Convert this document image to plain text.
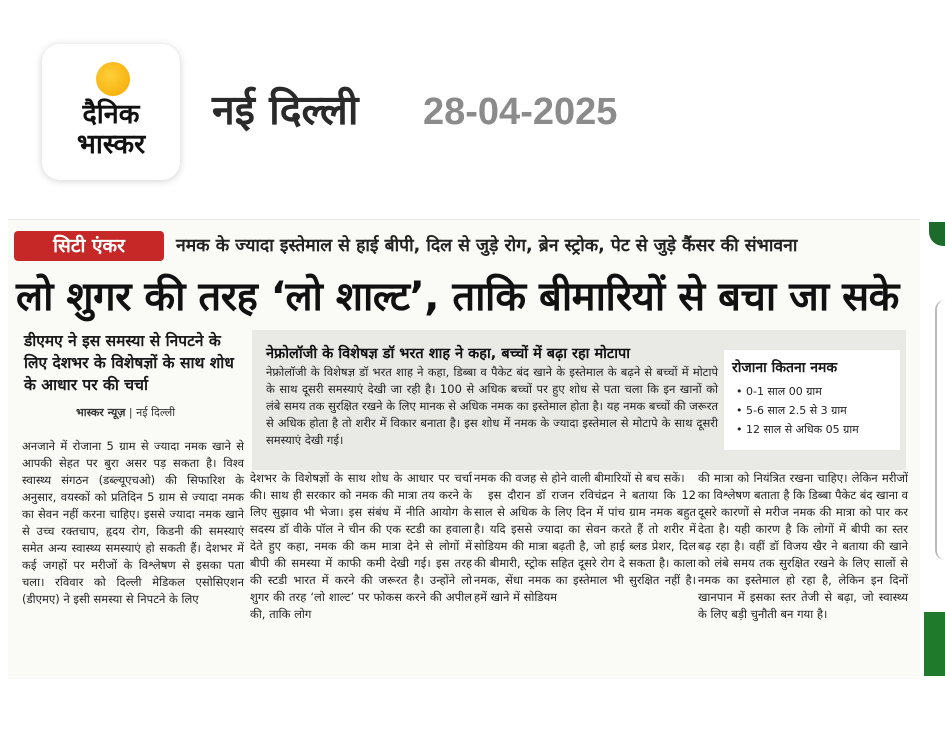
दैनिक
भास्कर
नई दिल्ली 28-04-2025
सिटी एंकर	नमक के ज्यादा इस्तेमाल से हाई बीपी, दिल से जुड़े रोग, ब्रेन स्ट्रोक, पेट से जुड़े कैंसर की संभावना
लो शुगर की तरह ‘लो शाल्ट’, ताकि बीमारियों से बचा जा सके
डीएमए ने इस समस्या से निपटने के लिए देशभर के विशेषज्ञों के साथ शोध के आधार पर की चर्चा
भास्कर न्यूज़ | नई दिल्ली
नेफ्रोलॉजी के विशेषज्ञ डॉ भरत शाह ने कहा, बच्चों में बढ़ा रहा मोटापा
नेफ्रोलॉजी के विशेषज्ञ डॉ भरत शाह ने कहा, डिब्बा व पैकेट बंद खाने के इस्तेमाल के बढ़ने से बच्चों में मोटापे के साथ दूसरी समस्याएं देखी जा रही है। 100 से अधिक बच्चों पर हुए शोध से पता चला कि इन खानों को लंबे समय तक सुरक्षित रखने के लिए मानक से अधिक नमक का इस्तेमाल होता है। यह नमक बच्चों की जरूरत से अधिक होता है तो शरीर में विकार बनाता है। इस शोध में नमक के ज्यादा इस्तेमाल से मोटापे के साथ दूसरी समस्याएं देखी गई।
रोजाना कितना नमक
• 0-1 साल 00 ग्राम
• 5-6 साल 2.5 से 3 ग्राम
• 12 साल से अधिक 05 ग्राम

अनजाने में रोजाना 5 ग्राम से ज्यादा नमक खाने से आपकी सेहत पर बुरा असर पड़ सकता है। विश्व स्वास्थ्य संगठन (डब्ल्यूएचओ) की सिफारिश के अनुसार, वयस्कों को प्रतिदिन 5 ग्राम से ज्यादा नमक का सेवन नहीं करना चाहिए। इससे ज्यादा नमक खाने से उच्च रक्तचाप, हृदय रोग, किडनी की समस्याएं समेत अन्य स्वास्थ्य समस्याएं हो सकती हैं। देशभर में कई जगहों पर मरीजों के विश्लेषण से इसका पता चला। रविवार को दिल्ली मेडिकल एसोसिएशन (डीएमए) ने इसी समस्या से निपटने के लिए

देशभर के विशेषज्ञों के साथ शोध के आधार पर चर्चा की। साथ ही सरकार को नमक की मात्रा तय करने के लिए सुझाव भी भेजा। इस संबंध में नीति आयोग के सदस्य डॉ वीके पॉल ने चीन की एक स्टडी का हवाला देते हुए कहा, नमक की कम मात्रा देने से लोगों में बीपी की समस्या में काफी कमी देखी गई। इस तरह की स्टडी भारत में करने की जरूरत है। उन्होंने लो शुगर की तरह ‘लो शाल्ट’ पर फोकस करने की अपील की, ताकि लोग

नमक की वजह से होने वाली बीमारियों से बच सकें।

इस दौरान डॉ राजन रविचंद्रन ने बताया कि 12 साल से अधिक के लिए दिन में पांच ग्राम नमक बहुत है। यदि इससे ज्यादा का सेवन करते हैं तो शरीर में सोडियम की मात्रा बढ़ती है, जो हाई ब्लड प्रेशर, दिल की बीमारी, स्ट्रोक सहित दूसरे रोग दे सकता है। काला नमक, सेंधा नमक का इस्तेमाल भी सुरक्षित नहीं है। हमें खाने में सोडियम

की मात्रा को नियंत्रित रखना चाहिए। लेकिन मरीजों का विश्लेषण बताता है कि डिब्बा पैकेट बंद खाना व दूसरे कारणों से मरीज नमक की मात्रा को पार कर देता है। यही कारण है कि लोगों में बीपी का स्तर बढ़ रहा है। वहीं डॉ विजय खैर ने बताया की खाने को लंबे समय तक सुरक्षित रखने के लिए सालों से नमक का इस्तेमाल हो रहा है, लेकिन इन दिनों खानपान में इसका स्तर तेजी से बढ़ा, जो स्वास्थ्य के लिए बड़ी चुनौती बन गया है।
